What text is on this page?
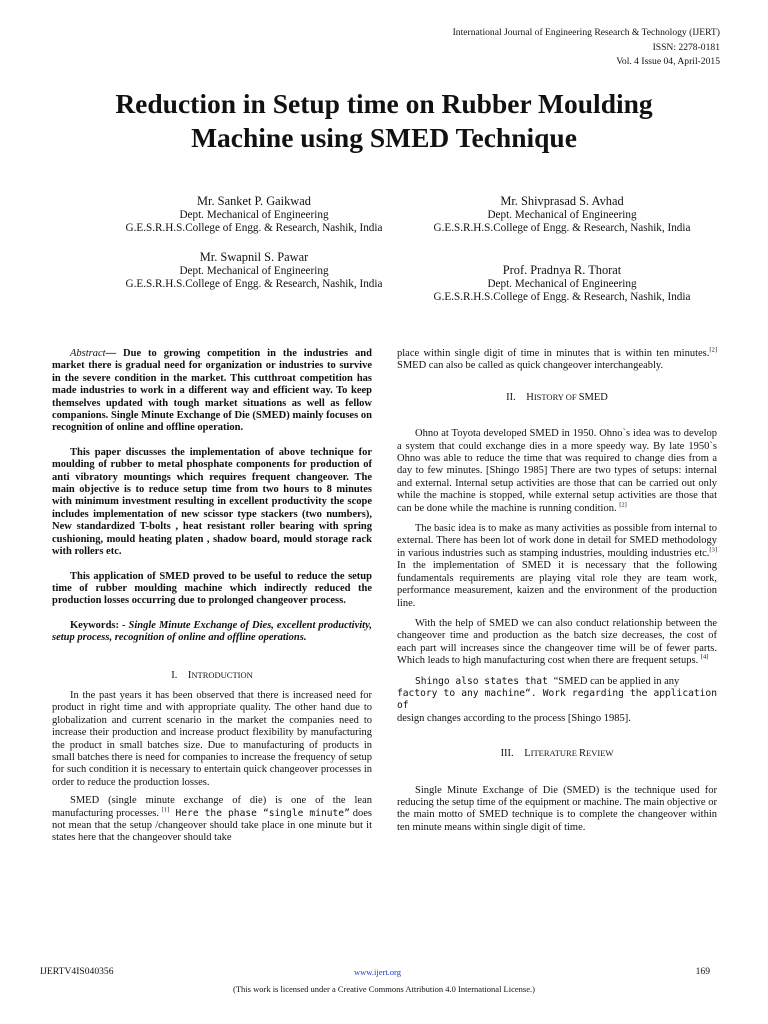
International Journal of Engineering Research & Technology (IJERT)
ISSN: 2278-0181
Vol. 4 Issue 04, April-2015
Reduction in Setup time on Rubber Moulding
Machine using SMED Technique
Mr. Sanket P. Gaikwad
Dept. Mechanical of Engineering
G.E.S.R.H.S.College of Engg. & Research, Nashik, India
Mr. Shivprasad S. Avhad
Dept. Mechanical of Engineering
G.E.S.R.H.S.College of Engg. & Research, Nashik, India
Mr. Swapnil S. Pawar
Dept. Mechanical of Engineering
G.E.S.R.H.S.College of Engg. & Research, Nashik, India
Prof. Pradnya R. Thorat
Dept. Mechanical of Engineering
G.E.S.R.H.S.College of Engg. & Research, Nashik, India

Abstract— Due to growing competition in the industries and market there is gradual need for organization or industries to survive in the severe condition in the market. This cutthroat competition has made industries to work in a different way and efficient way. To keep themselves updated with tough market situations as well as fellow companions. Single Minute Exchange of Die (SMED) mainly focuses on recognition of online and offline operation.

This paper discusses the implementation of above technique for moulding of rubber to metal phosphate components for production of anti vibratory mountings which requires frequent changeover. The main objective is to reduce setup time from two hours to 8 minutes with minimum investment resulting in excellent productivity the scope includes implementation of new scissor type stackers (two numbers), New standardized T-bolts , heat resistant roller bearing with spring cushioning, mould heating platen , shadow board, mould storage rack with rollers etc.

This application of SMED proved to be useful to reduce the setup time of rubber moulding machine which indirectly reduced the production losses occurring due to prolonged changeover process.

Keywords: - Single Minute Exchange of Dies, excellent productivity, setup process, recognition of online and offline operations.

I. INTRODUCTION

In the past years it has been observed that there is increased need for product in right time and with appropriate quality. The other hand due to globalization and current scenario in the market the companies need to increase their production and increase product flexibility by manufacturing the product in small batches size. Due to manufacturing of products in small batches there is need for companies to increase the frequency of setup for such condition it is necessary to entertain quick changeover processes in order to reduce the production losses.

SMED (single minute exchange of die) is one of the lean manufacturing processes. [1] Here the phase “single minute” does not mean that the setup /changeover should take place in one minute but it states here that the changeover should take

place within single digit of time in minutes that is within ten minutes.[2] SMED can also be called as quick changeover interchangeably.

II. HISTORY OF SMED

Ohno at Toyota developed SMED in 1950. Ohno`s idea was to develop a system that could exchange dies in a more speedy way. By late 1950`s Ohno was able to reduce the time that was required to change dies from a day to few minutes. [Shingo 1985] There are two types of setups: internal and external. Internal setup activities are those that can be carried out only while the machine is stopped, while external setup activities are those that can be done while the machine is running condition. [2]

The basic idea is to make as many activities as possible from internal to external. There has been lot of work done in detail for SMED methodology in various industries such as stamping industries, moulding industries etc.[3] In the implementation of SMED it is necessary that the following fundamentals requirements are playing vital role they are team work, performance measurement, kaizen and the environment of the production line.

With the help of SMED we can also conduct relationship between the changeover time and production as the batch size decreases, the cost of each part will increases since the changeover time will be of fewer parts. Which leads to high manufacturing cost when there are frequent setups. [4]

Shingo also states that “SMED can be applied in any
factory to any machine“. Work regarding the application of
design changes according to the process [Shingo 1985].

III. LITERATURE REVIEW

Single Minute Exchange of Die (SMED) is the technique used for reducing the setup time of the equipment or machine. The main objective or the main motto of SMED technique is to complete the changeover within ten minute means within single digit of time.

IJERTV4IS040356	www.ijert.org	169
(This work is licensed under a Creative Commons Attribution 4.0 International License.)
